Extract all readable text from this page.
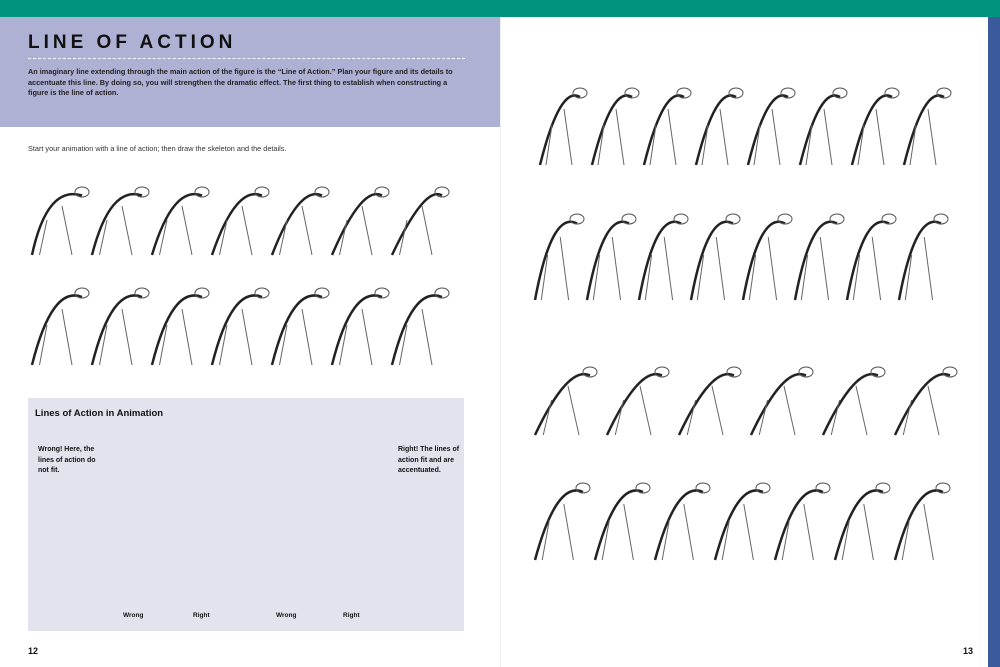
LINE OF ACTION
An imaginary line extending through the main action of the figure is the “Line of Action.” Plan your figure and its details to accentuate this line. By doing so, you will strengthen the dramatic effect. The first thing to establish when constructing a figure is the line of action.
Start your animation with a line of action; then draw the skeleton and the details.
Lines of Action in Animation
Wrong! Here, the lines of action do not fit.
Right! The lines of action fit and are accentuated.
Wrong	Right	Wrong	Right
12	13
